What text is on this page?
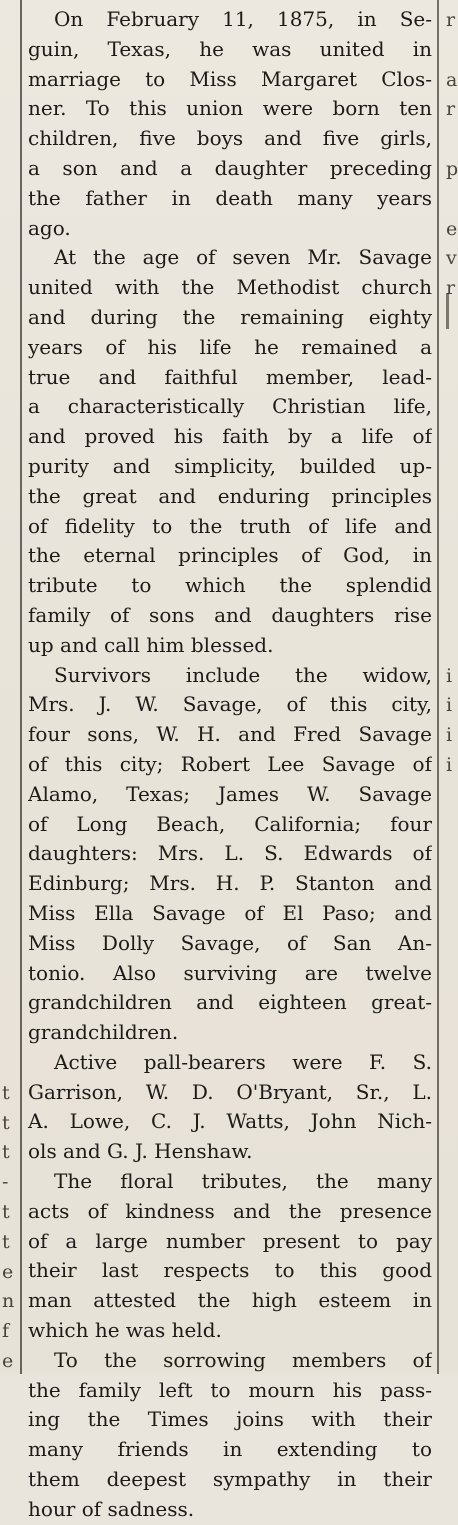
t
t
t
-
t
t
e
n
f
e
r
a
r
p
e
v
r
i
i
i
i
On February 11, 1875, in Se-
guin, Texas, he was united in
marriage to Miss Margaret Clos-
ner. To this union were born ten
children, five boys and five girls,
a son and a daughter preceding
the father in death many years
ago.
At the age of seven Mr. Savage
united with the Methodist church
and during the remaining eighty
years of his life he remained a
true and faithful member, lead-
a characteristically Christian life,
and proved his faith by a life of
purity and simplicity, builded up-
the great and enduring principles
of fidelity to the truth of life and
the eternal principles of God, in
tribute to which the splendid
family of sons and daughters rise
up and call him blessed.
Survivors include the widow,
Mrs. J. W. Savage, of this city,
four sons, W. H. and Fred Savage
of this city; Robert Lee Savage of
Alamo, Texas; James W. Savage
of Long Beach, California; four
daughters: Mrs. L. S. Edwards of
Edinburg; Mrs. H. P. Stanton and
Miss Ella Savage of El Paso; and
Miss Dolly Savage, of San An-
tonio. Also surviving are twelve
grandchildren and eighteen great-
grandchildren.
Active pall-bearers were F. S.
Garrison, W. D. O'Bryant, Sr., L.
A. Lowe, C. J. Watts, John Nich-
ols and G. J. Henshaw.
The floral tributes, the many
acts of kindness and the presence
of a large number present to pay
their last respects to this good
man attested the high esteem in
which he was held.
To the sorrowing members of
the family left to mourn his pass-
ing the Times joins with their
many friends in extending to
them deepest sympathy in their
hour of sadness.
